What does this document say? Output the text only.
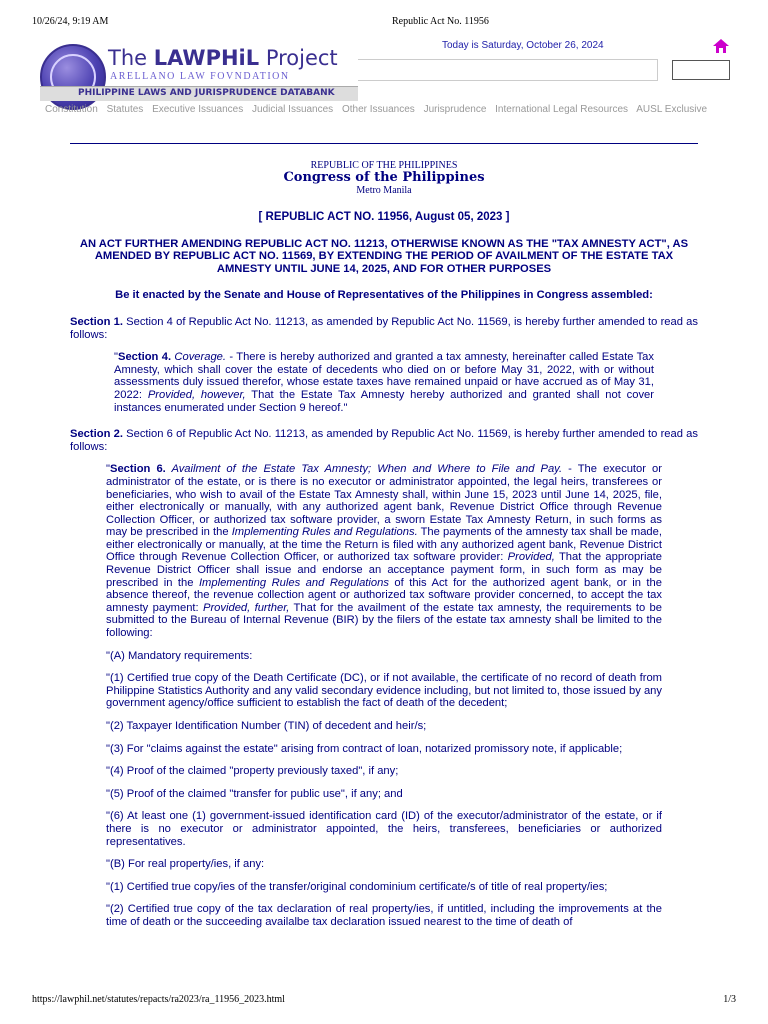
10/26/24, 9:19 AM	Republic Act No. 11956
The LAWPHiL Project
ARELLANO LAW FOVNDATION
PHILIPPINE LAWS AND JURISPRUDENCE DATABANK
Today is Saturday, October 26, 2024
Constitution Statutes Executive Issuances Judicial Issuances Other Issuances Jurisprudence International Legal Resources AUSL Exclusive
REPUBLIC OF THE PHILIPPINES
Congress of the Philippines
Metro Manila
[ REPUBLIC ACT NO. 11956, August 05, 2023 ]
AN ACT FURTHER AMENDING REPUBLIC ACT NO. 11213, OTHERWISE KNOWN AS THE "TAX AMNESTY ACT", AS AMENDED BY REPUBLIC ACT NO. 11569, BY EXTENDING THE PERIOD OF AVAILMENT OF THE ESTATE TAX AMNESTY UNTIL JUNE 14, 2025, AND FOR OTHER PURPOSES
Be it enacted by the Senate and House of Representatives of the Philippines in Congress assembled:

Section 1. Section 4 of Republic Act No. 11213, as amended by Republic Act No. 11569, is hereby further amended to read as follows:

"Section 4. Coverage. - There is hereby authorized and granted a tax amnesty, hereinafter called Estate Tax Amnesty, which shall cover the estate of decedents who died on or before May 31, 2022, with or without assessments duly issued therefor, whose estate taxes have remained unpaid or have accrued as of May 31, 2022: Provided, however, That the Estate Tax Amnesty hereby authorized and granted shall not cover instances enumerated under Section 9 hereof."

Section 2. Section 6 of Republic Act No. 11213, as amended by Republic Act No. 11569, is hereby further amended to read as follows:

"Section 6. Availment of the Estate Tax Amnesty; When and Where to File and Pay. - The executor or administrator of the estate, or is there is no executor or administrator appointed, the legal heirs, transferees or beneficiaries, who wish to avail of the Estate Tax Amnesty shall, within June 15, 2023 until June 14, 2025, file, either electronically or manually, with any authorized agent bank, Revenue District Office through Revenue Collection Officer, or authorized tax software provider, a sworn Estate Tax Amnesty Return, in such forms as may be prescribed in the Implementing Rules and Regulations. The payments of the amnesty tax shall be made, either electronically or manually, at the time the Return is filed with any authorized agent bank, Revenue District Office through Revenue Collection Officer, or authorized tax software provider: Provided, That the appropriate Revenue District Officer shall issue and endorse an acceptance payment form, in such form as may be prescribed in the Implementing Rules and Regulations of this Act for the authorized agent bank, or in the absence thereof, the revenue collection agent or authorized tax software provider concerned, to accept the tax amnesty payment: Provided, further, That for the availment of the estate tax amnesty, the requirements to be submitted to the Bureau of Internal Revenue (BIR) by the filers of the estate tax amnesty shall be limited to the following:

"(A) Mandatory requirements:

"(1) Certified true copy of the Death Certificate (DC), or if not available, the certificate of no record of death from Philippine Statistics Authority and any valid secondary evidence including, but not limited to, those issued by any government agency/office sufficient to establish the fact of death of the decedent;

"(2) Taxpayer Identification Number (TIN) of decedent and heir/s;

"(3) For "claims against the estate" arising from contract of loan, notarized promissory note, if applicable;

"(4) Proof of the claimed "property previously taxed", if any;

"(5) Proof of the claimed "transfer for public use", if any; and

"(6) At least one (1) government-issued identification card (ID) of the executor/administrator of the estate, or if there is no executor or administrator appointed, the heirs, transferees, beneficiaries or authorized representatives.

"(B) For real property/ies, if any:

"(1) Certified true copy/ies of the transfer/original condominium certificate/s of title of real property/ies;

"(2) Certified true copy of the tax declaration of real property/ies, if untitled, including the improvements at the time of death or the succeeding availalbe tax declaration issued nearest to the time of death of

https://lawphil.net/statutes/repacts/ra2023/ra_11956_2023.html	1/3
